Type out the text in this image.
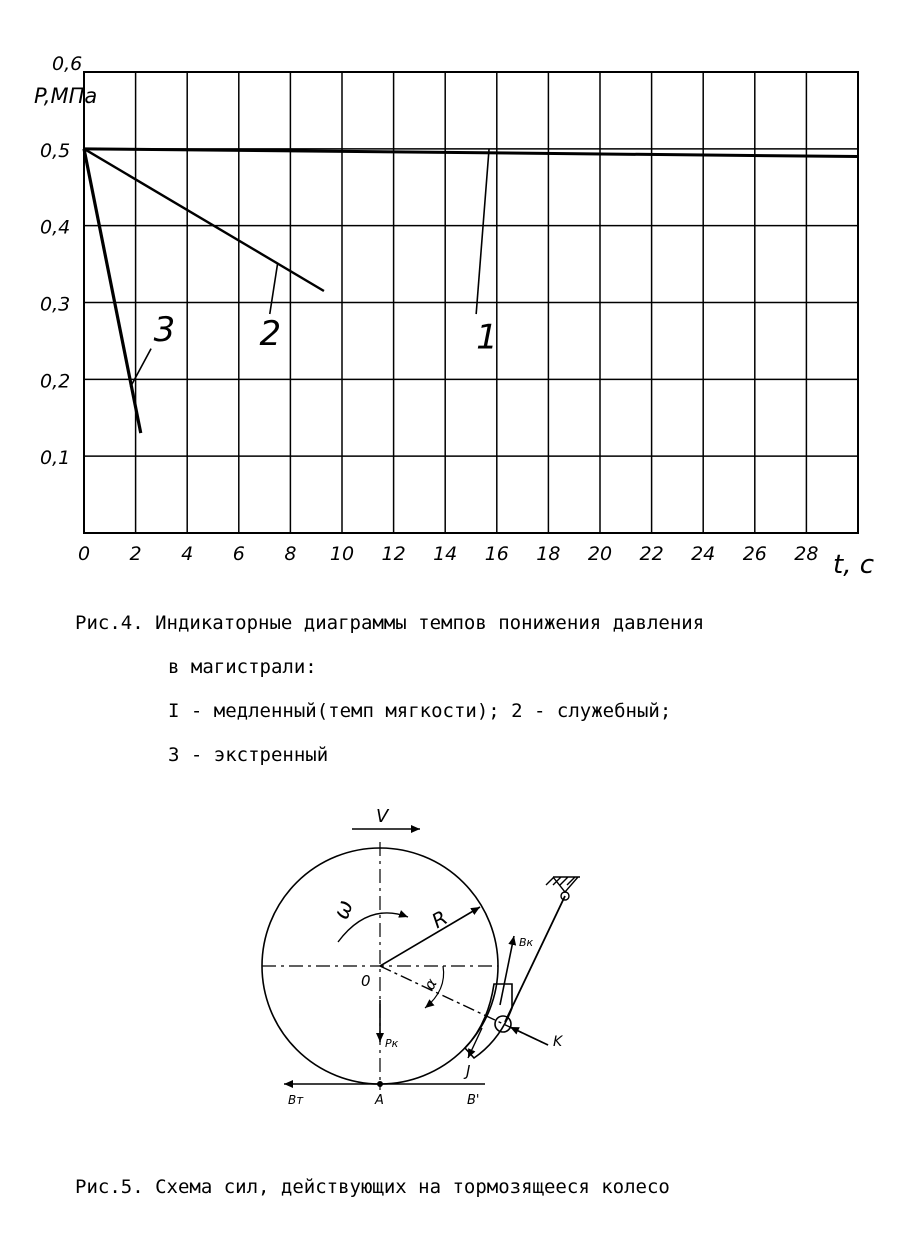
0 2 4 6 8 10 12 14 16 18 20 22 24 26 28
0,1
0,2
0,3
0,4
0,5
0,6
1
2
3
P,МПа
t, с
Рис.4. Индикаторные диаграммы темпов понижения давления
в магистрали:
I - медленный(темп мягкости); 2 - служебный;
3 - экстренный
V
ω	R
0	α
Bк
K
Pк
J
Bт	A	B'
Рис.5. Схема сил, действующих на тормозящееся колесо
